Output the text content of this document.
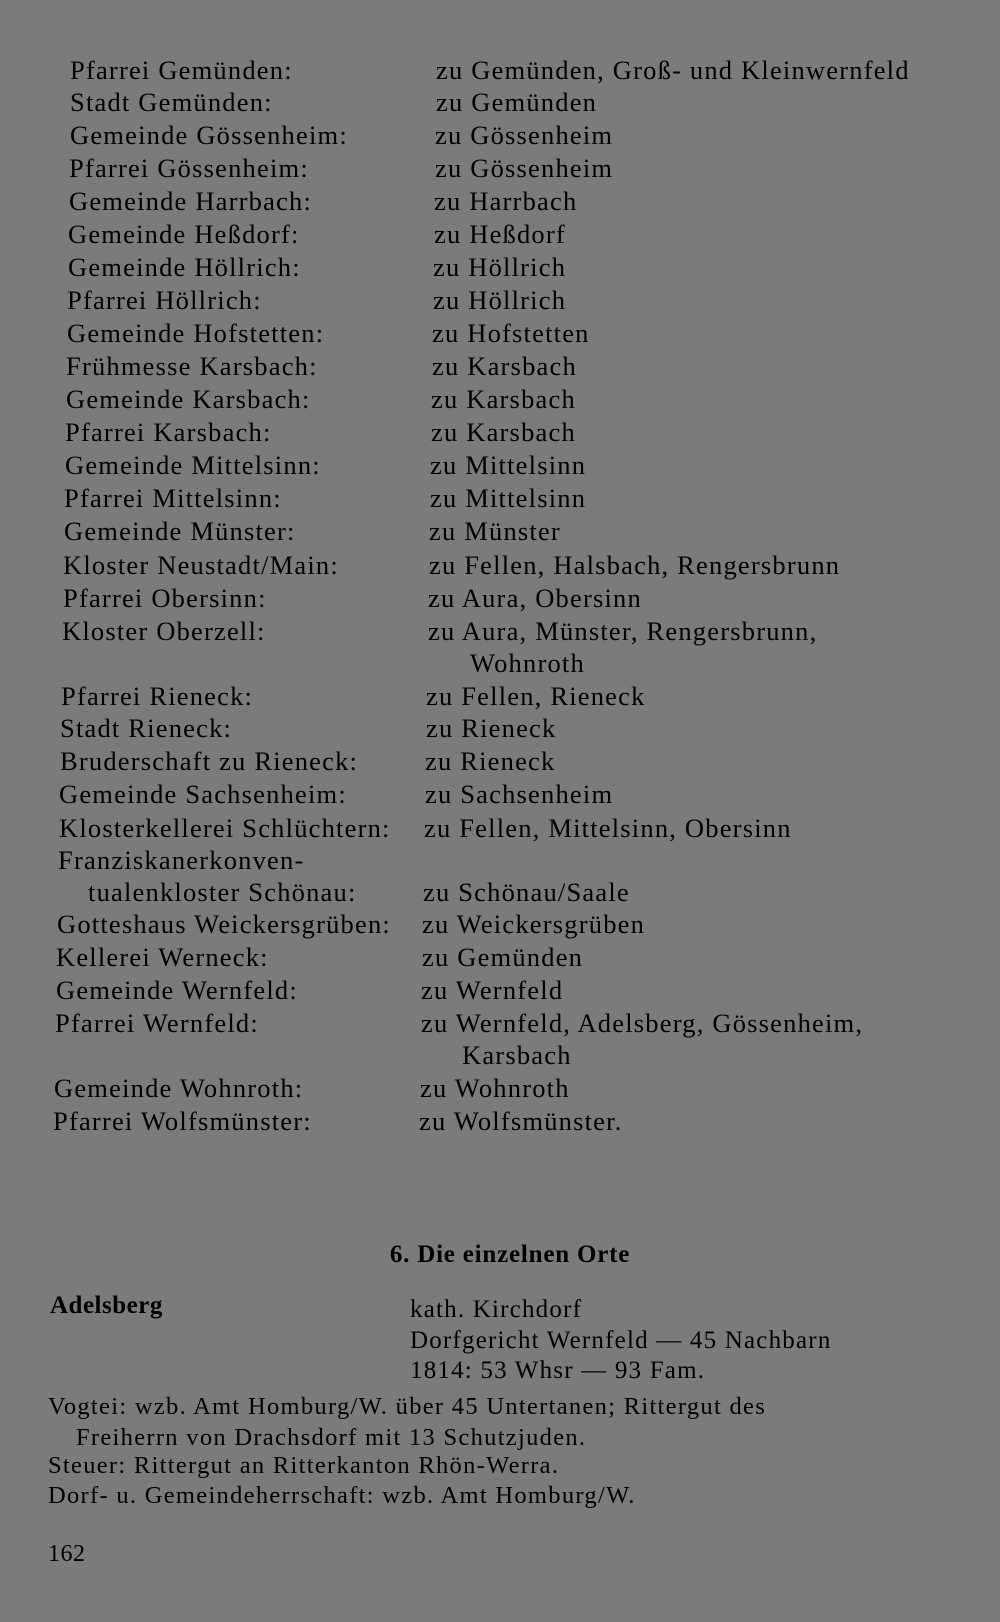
Pfarrei Gemünden:	zu Gemünden, Groß- und Kleinwernfeld
Stadt Gemünden:	zu Gemünden
Gemeinde Gössenheim:	zu Gössenheim
Pfarrei Gössenheim:	zu Gössenheim
Gemeinde Harrbach:	zu Harrbach
Gemeinde Heßdorf:	zu Heßdorf
Gemeinde Höllrich:	zu Höllrich
Pfarrei Höllrich:	zu Höllrich
Gemeinde Hofstetten:	zu Hofstetten
Frühmesse Karsbach:	zu Karsbach
Gemeinde Karsbach:	zu Karsbach
Pfarrei Karsbach:	zu Karsbach
Gemeinde Mittelsinn:	zu Mittelsinn
Pfarrei Mittelsinn:	zu Mittelsinn
Gemeinde Münster:	zu Münster
Kloster Neustadt/Main:	zu Fellen, Halsbach, Rengersbrunn
Pfarrei Obersinn:	zu Aura, Obersinn
Kloster Oberzell:	zu Aura, Münster, Rengersbrunn,
Wohnroth
Pfarrei Rieneck:	zu Fellen, Rieneck
Stadt Rieneck:	zu Rieneck
Bruderschaft zu Rieneck:	zu Rieneck
Gemeinde Sachsenheim:	zu Sachsenheim
Klosterkellerei Schlüchtern: zu Fellen, Mittelsinn, Obersinn
Franziskanerkonven-
tualenkloster Schönau:	zu Schönau/Saale
Gotteshaus Weickersgrüben: zu Weickersgrüben
Kellerei Werneck:	zu Gemünden
Gemeinde Wernfeld:	zu Wernfeld
Pfarrei Wernfeld:	zu Wernfeld, Adelsberg, Gössenheim,
Karsbach
Gemeinde Wohnroth:	zu Wohnroth
Pfarrei Wolfsmünster:	zu Wolfsmünster.
6. Die einzelnen Orte
Adelsberg	kath. Kirchdorf
Dorfgericht Wernfeld — 45 Nachbarn
1814: 53 Whsr — 93 Fam.
Vogtei: wzb. Amt Homburg/W. über 45 Untertanen; Rittergut des
Freiherrn von Drachsdorf mit 13 Schutzjuden.
Steuer: Rittergut an Ritterkanton Rhön-Werra.
Dorf- u. Gemeindeherrschaft: wzb. Amt Homburg/W.
162
